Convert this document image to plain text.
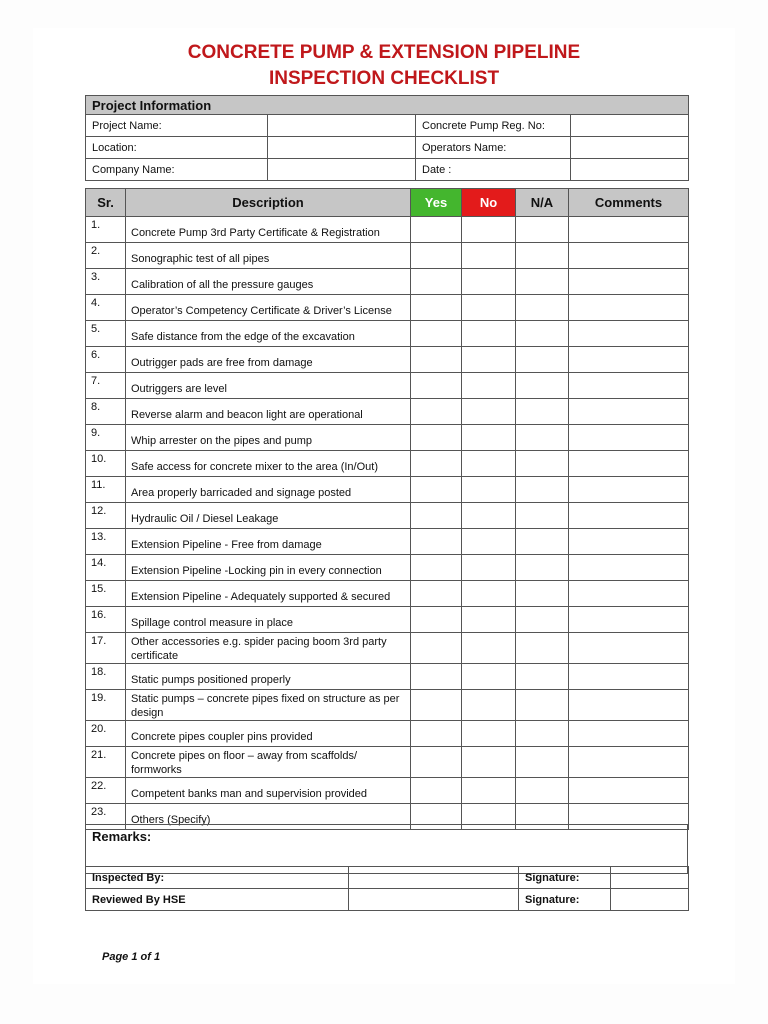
CONCRETE PUMP & EXTENSION PIPELINE
INSPECTION CHECKLIST
Project Information			
Project Name:		Concrete Pump Reg. No:	
Location:		Operators Name:	
Company Name:		Date :	
Sr.	Description	Yes	No	N/A	Comments
1.	Concrete Pump 3rd Party Certificate & Registration				
2.	Sonographic test of all pipes				
3.	Calibration of all the pressure gauges				
4.	Operator’s Competency Certificate & Driver’s License				
5.	Safe distance from the edge of the excavation				
6.	Outrigger pads are free from damage				
7.	Outriggers are level				
8.	Reverse alarm and beacon light are operational				
9.	Whip arrester on the pipes and pump				
10.	Safe access for concrete mixer to the area (In/Out)				
11.	Area properly barricaded and signage posted				
12.	Hydraulic Oil / Diesel Leakage				
13.	Extension Pipeline - Free from damage				
14.	Extension Pipeline -Locking pin in every connection				
15.	Extension Pipeline - Adequately supported & secured				
16.	Spillage control measure in place				
17.	Other accessories e.g. spider pacing boom 3rd party certificate				
18.	Static pumps positioned properly				
19.	Static pumps – concrete pipes fixed on structure as per design				
20.	Concrete pipes coupler pins provided				
21.	Concrete pipes on floor – away from scaffolds/ formworks				
22.	Competent banks man and supervision provided				
23.	Others (Specify)				
Remarks:
Inspected By:		Signature:	
Reviewed By HSE		Signature:	
Page 1 of 1
